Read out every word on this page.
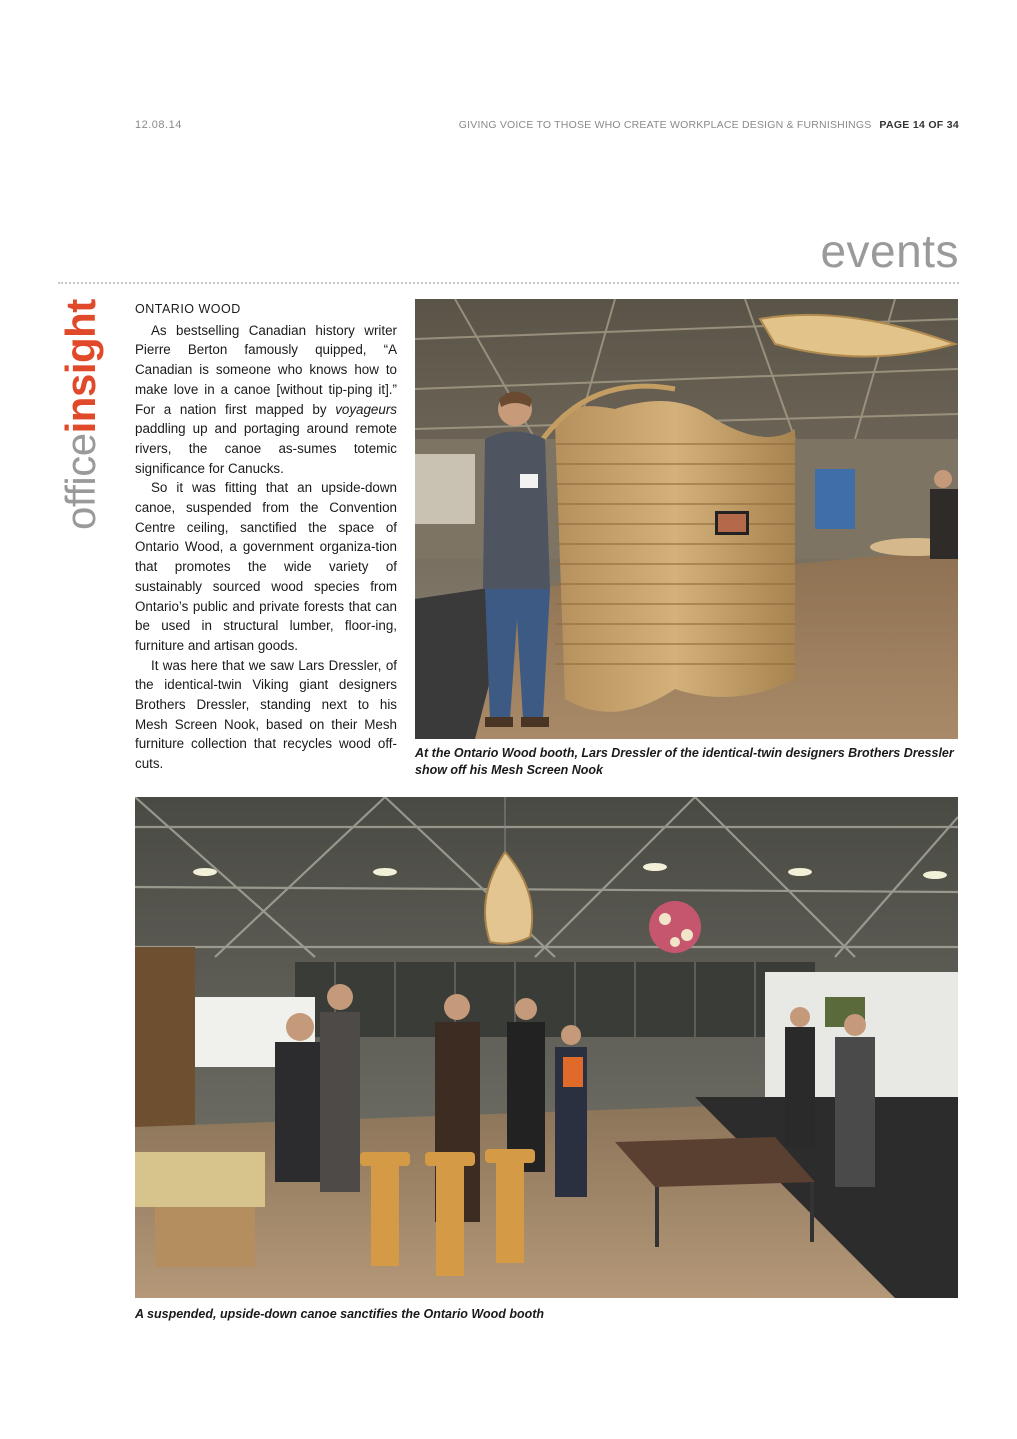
12.08.14	GIVING VOICE TO THOSE WHO CREATE WORKPLACE DESIGN & FURNISHINGS PAGE 14 OF 34
events
officeinsight ONTARIO WOOD

As bestselling Canadian history writer Pierre Berton famously quipped, “A Canadian is someone who knows how to make love in a canoe [without tip-ping it].” For a nation first mapped by voyageurs paddling up and portaging around remote rivers, the canoe as-sumes totemic significance for Canucks.

So it was fitting that an upside-down canoe, suspended from the Convention Centre ceiling, sanctified the space of Ontario Wood, a government organiza-tion that promotes the wide variety of sustainably sourced wood species from Ontario’s public and private forests that can be used in structural lumber, floor-ing, furniture and artisan goods.

It was here that we saw Lars Dressler, of the identical-twin Viking giant designers Brothers Dressler, standing next to his Mesh Screen Nook, based on their Mesh furniture collection that recycles wood off-cuts.

At the Ontario Wood booth, Lars Dressler of the identical-twin designers Brothers Dressler show off his Mesh Screen Nook
A suspended, upside-down canoe sanctifies the Ontario Wood booth
